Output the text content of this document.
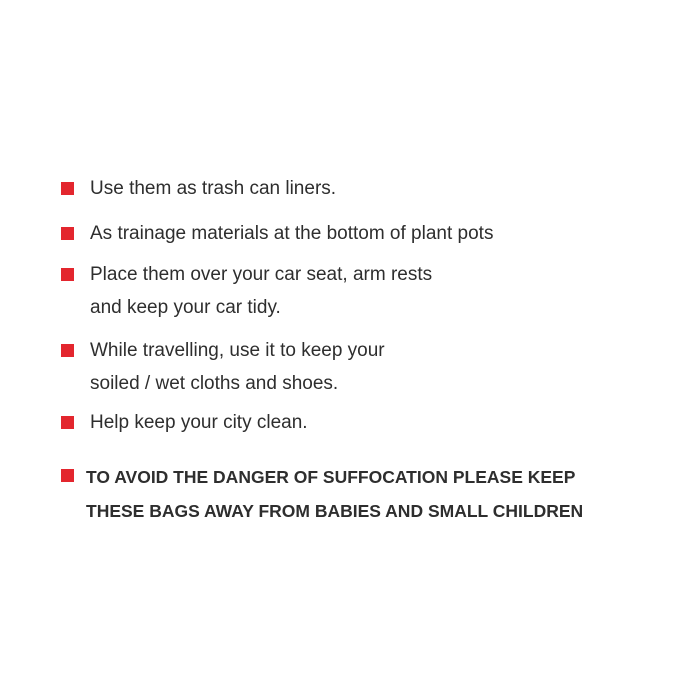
Use them as trash can liners.
As trainage materials at the bottom of plant pots
Place them over your car seat, arm rests
and keep your car tidy.
While travelling, use it to keep your
soiled / wet cloths and shoes.
Help keep your city clean.
TO AVOID THE DANGER OF SUFFOCATION PLEASE KEEP
THESE BAGS AWAY FROM BABIES AND SMALL CHILDREN
